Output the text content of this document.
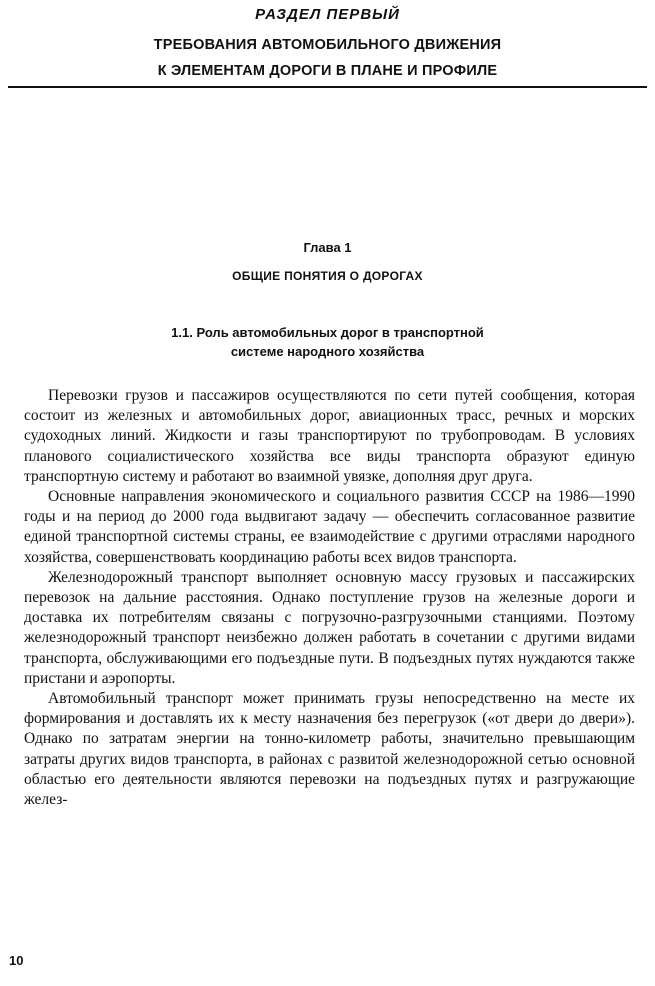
РАЗДЕЛ ПЕРВЫЙ
ТРЕБОВАНИЯ АВТОМОБИЛЬНОГО ДВИЖЕНИЯ
К ЭЛЕМЕНТАМ ДОРОГИ В ПЛАНЕ И ПРОФИЛЕ
Глава 1
ОБЩИЕ ПОНЯТИЯ О ДОРОГАХ
1.1. Роль автомобильных дорог в транспортной
системе народного хозяйства

Перевозки грузов и пассажиров осуществляются по сети путей сообщения, которая состоит из железных и автомобильных дорог, авиационных трасс, речных и морских судоходных линий. Жидкости и газы транспортируют по трубопроводам. В условиях планового социалистического хозяйства все виды транспорта образуют единую транспортную систему и работают во взаимной увязке, дополняя друг друга.

Основные направления экономического и социального развития СССР на 1986—1990 годы и на период до 2000 года выдвигают задачу — обеспечить согласованное развитие единой транспортной системы страны, ее взаимодействие с другими отраслями народного хозяйства, совершенствовать координацию работы всех видов транспорта.

Железнодорожный транспорт выполняет основную массу грузовых и пассажирских перевозок на дальние расстояния. Однако поступление грузов на железные дороги и доставка их потребителям связаны с погрузочно-разгрузочными станциями. Поэтому железнодорожный транспорт неизбежно должен работать в сочетании с другими видами транспорта, обслуживающими его подъездные пути. В подъездных путях нуждаются также пристани и аэропорты.

Автомобильный транспорт может принимать грузы непосредственно на месте их формирования и доставлять их к месту назначения без перегрузок («от двери до двери»). Однако по затратам энергии на тонно-километр работы, значительно превышающим затраты других видов транспорта, в районах с развитой железнодорожной сетью основной областью его деятельности являются перевозки на подъездных путях и разгружающие желез-

10
